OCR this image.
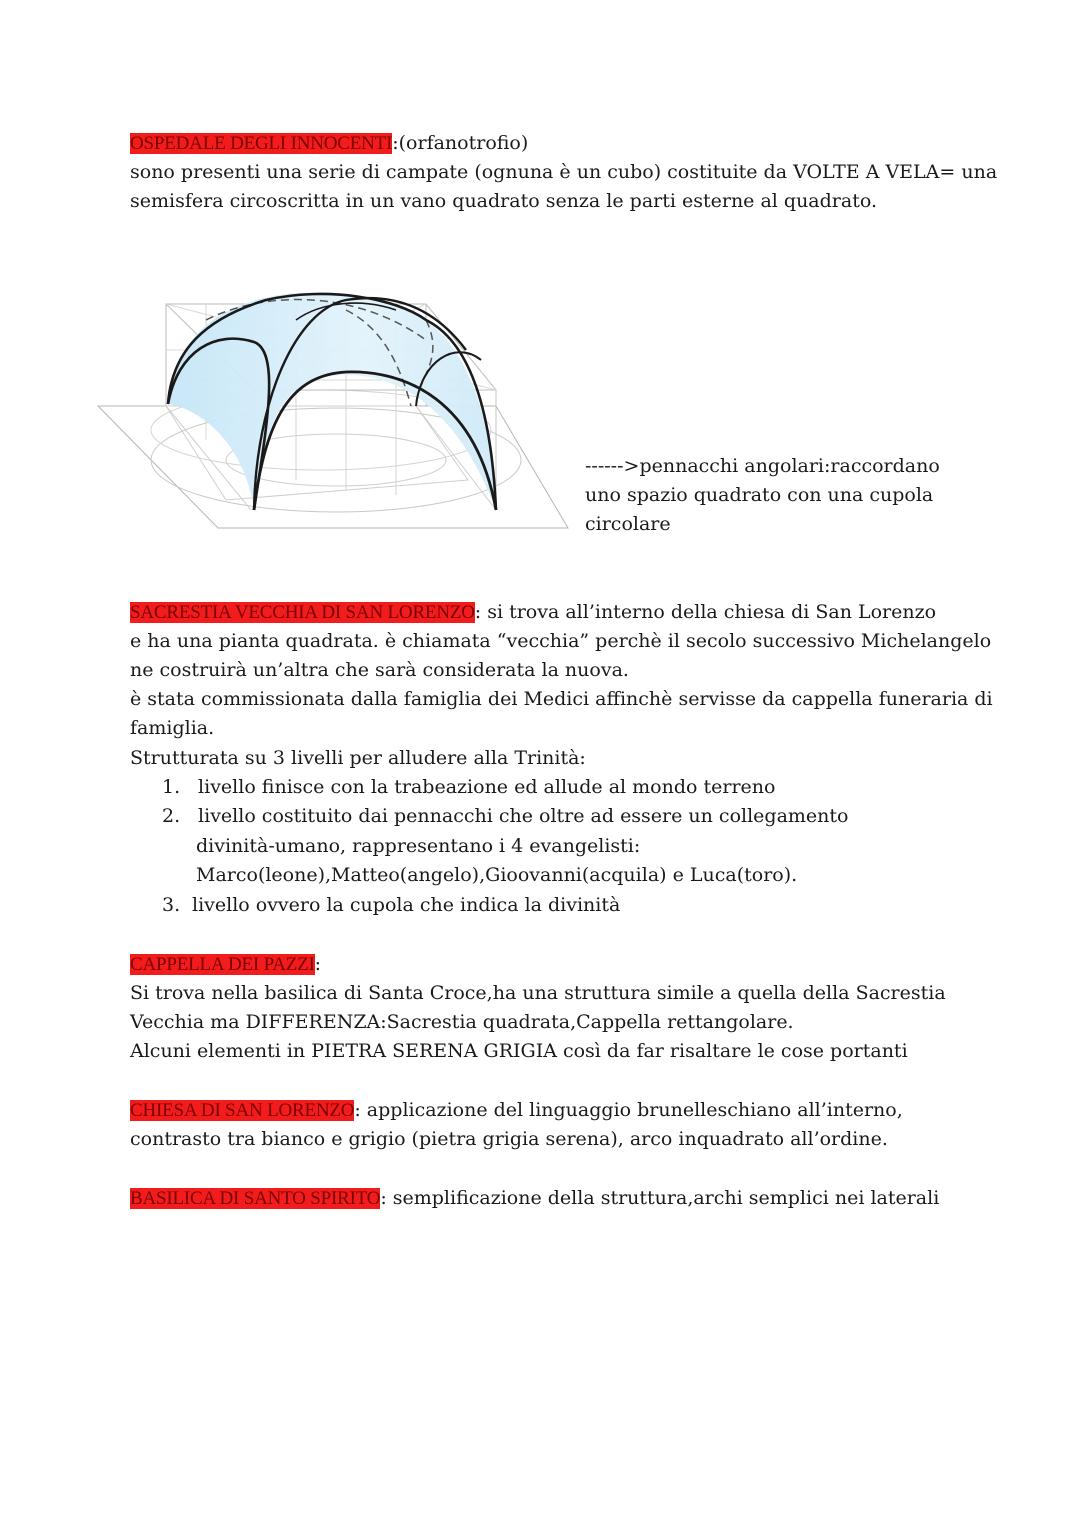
OSPEDALE DEGLI INNOCENTI:(orfanotrofio)
sono presenti una serie di campate (ognuna è un cubo) costituite da VOLTE A VELA= una
semisfera circoscritta in un vano quadrato senza le parti esterne al quadrato.
------>pennacchi angolari:raccordano
uno spazio quadrato con una cupola
circolare
SACRESTIA VECCHIA DI SAN LORENZO: si trova all’interno della chiesa di San Lorenzo
e ha una pianta quadrata. è chiamata “vecchia” perchè il secolo successivo Michelangelo
ne costruirà un’altra che sarà considerata la nuova.
è stata commissionata dalla famiglia dei Medici affinchè servisse da cappella funeraria di
famiglia.
Strutturata su 3 livelli per alludere alla Trinità:
1. livello finisce con la trabeazione ed allude al mondo terreno
2. livello costituito dai pennacchi che oltre ad essere un collegamento
divinità-umano, rappresentano i 4 evangelisti:
Marco(leone),Matteo(angelo),Gioovanni(acquila) e Luca(toro).
3. livello ovvero la cupola che indica la divinità
CAPPELLA DEI PAZZI:
Si trova nella basilica di Santa Croce,ha una struttura simile a quella della Sacrestia
Vecchia ma DIFFERENZA:Sacrestia quadrata,Cappella rettangolare.
Alcuni elementi in PIETRA SERENA GRIGIA così da far risaltare le cose portanti
CHIESA DI SAN LORENZO: applicazione del linguaggio brunelleschiano all’interno,
contrasto tra bianco e grigio (pietra grigia serena), arco inquadrato all’ordine.
BASILICA DI SANTO SPIRITO: semplificazione della struttura,archi semplici nei laterali
